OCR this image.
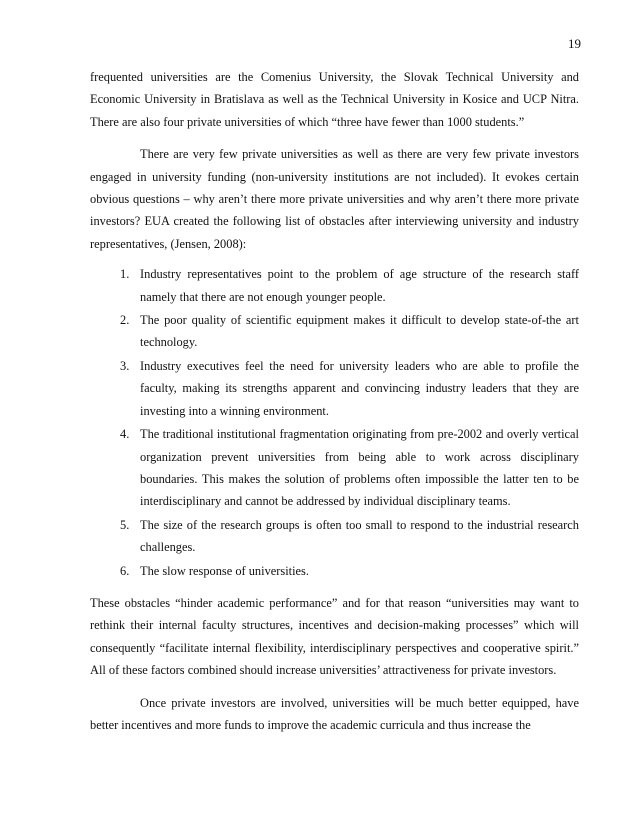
19

frequented universities are the Comenius University, the Slovak Technical University and Economic University in Bratislava as well as the Technical University in Kosice and UCP Nitra. There are also four private universities of which “three have fewer than 1000 students.”

There are very few private universities as well as there are very few private investors engaged in university funding (non-university institutions are not included). It evokes certain obvious questions – why aren’t there more private universities and why aren’t there more private investors? EUA created the following list of obstacles after interviewing university and industry representatives, (Jensen, 2008):

1. Industry representatives point to the problem of age structure of the research staff namely that there are not enough younger people.
2. The poor quality of scientific equipment makes it difficult to develop state-of-the art technology.
3. Industry executives feel the need for university leaders who are able to profile the faculty, making its strengths apparent and convincing industry leaders that they are investing into a winning environment.
4. The traditional institutional fragmentation originating from pre-2002 and overly vertical organization prevent universities from being able to work across disciplinary boundaries. This makes the solution of problems often impossible the latter ten to be interdisciplinary and cannot be addressed by individual disciplinary teams.
5. The size of the research groups is often too small to respond to the industrial research challenges.
6. The slow response of universities.

These obstacles “hinder academic performance” and for that reason “universities may want to rethink their internal faculty structures, incentives and decision-making processes” which will consequently “facilitate internal flexibility, interdisciplinary perspectives and cooperative spirit.” All of these factors combined should increase universities’ attractiveness for private investors.

Once private investors are involved, universities will be much better equipped, have better incentives and more funds to improve the academic curricula and thus increase the
